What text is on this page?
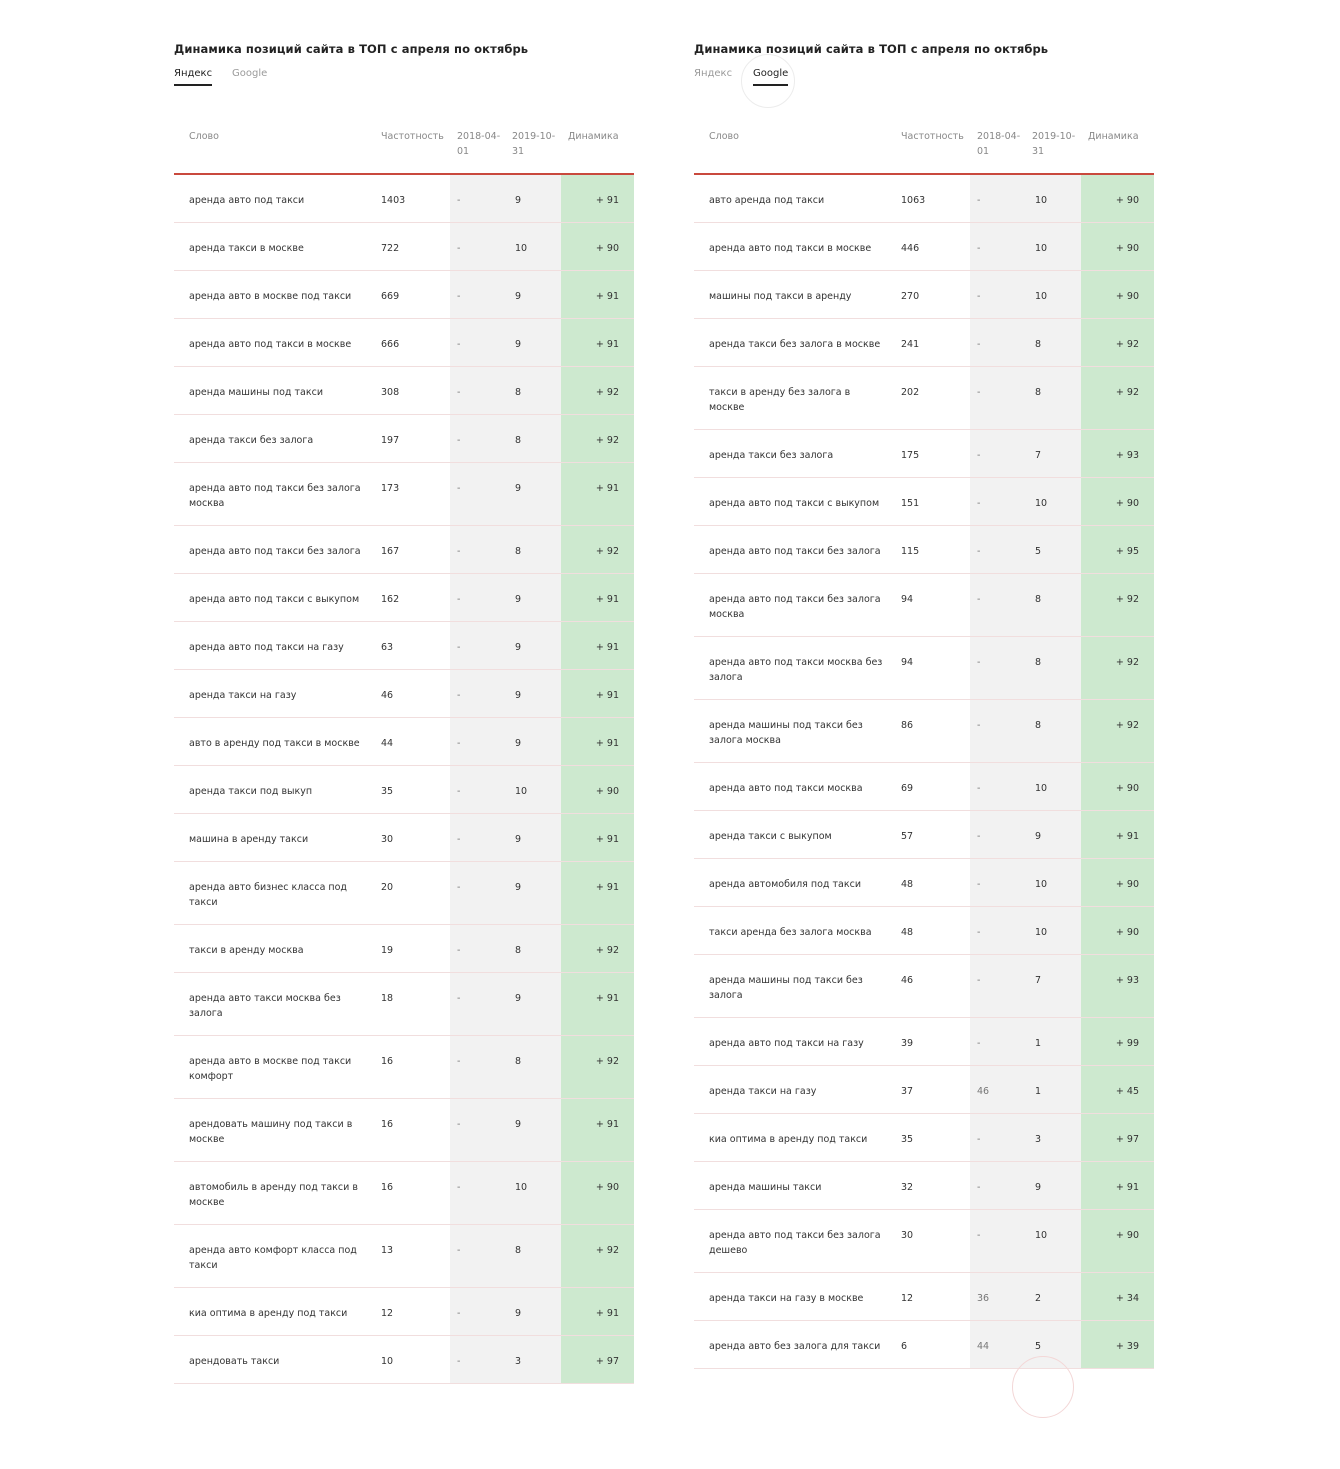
Динамика позиций сайта в ТОП с апреля по октябрь
Яндекс Google
Слово	Частотность	2018-04-01	2019-10-31	Динамика
аренда авто под такси	1403	-	9	+ 91
аренда такси в москве	722	-	10	+ 90
аренда авто в москве под такси	669	-	9	+ 91
аренда авто под такси в москве	666	-	9	+ 91
аренда машины под такси	308	-	8	+ 92
аренда такси без залога	197	-	8	+ 92
аренда авто под такси без залога москва	173	-	9	+ 91
аренда авто под такси без залога	167	-	8	+ 92
аренда авто под такси с выкупом	162	-	9	+ 91
аренда авто под такси на газу	63	-	9	+ 91
аренда такси на газу	46	-	9	+ 91
авто в аренду под такси в москве	44	-	9	+ 91
аренда такси под выкуп	35	-	10	+ 90
машина в аренду такси	30	-	9	+ 91
аренда авто бизнес класса под такси	20	-	9	+ 91
такси в аренду москва	19	-	8	+ 92
аренда авто такси москва без залога	18	-	9	+ 91
аренда авто в москве под такси комфорт	16	-	8	+ 92
арендовать машину под такси в москве	16	-	9	+ 91
автомобиль в аренду под такси в москве	16	-	10	+ 90
аренда авто комфорт класса под такси	13	-	8	+ 92
киа оптима в аренду под такси	12	-	9	+ 91
арендовать такси	10	-	3	+ 97
Динамика позиций сайта в ТОП с апреля по октябрь
Яндекс Google
Слово	Частотность	2018-04-01	2019-10-31	Динамика
авто аренда под такси	1063	-	10	+ 90
аренда авто под такси в москве	446	-	10	+ 90
машины под такси в аренду	270	-	10	+ 90
аренда такси без залога в москве	241	-	8	+ 92
такси в аренду без залога в москве	202	-	8	+ 92
аренда такси без залога	175	-	7	+ 93
аренда авто под такси с выкупом	151	-	10	+ 90
аренда авто под такси без залога	115	-	5	+ 95
аренда авто под такси без залога москва	94	-	8	+ 92
аренда авто под такси москва без залога	94	-	8	+ 92
аренда машины под такси без залога москва	86	-	8	+ 92
аренда авто под такси москва	69	-	10	+ 90
аренда такси с выкупом	57	-	9	+ 91
аренда автомобиля под такси	48	-	10	+ 90
такси аренда без залога москва	48	-	10	+ 90
аренда машины под такси без залога	46	-	7	+ 93
аренда авто под такси на газу	39	-	1	+ 99
аренда такси на газу	37	46	1	+ 45
киа оптима в аренду под такси	35	-	3	+ 97
аренда машины такси	32	-	9	+ 91
аренда авто под такси без залога дешево	30	-	10	+ 90
аренда такси на газу в москве	12	36	2	+ 34
аренда авто без залога для такси	6	44	5	+ 39
